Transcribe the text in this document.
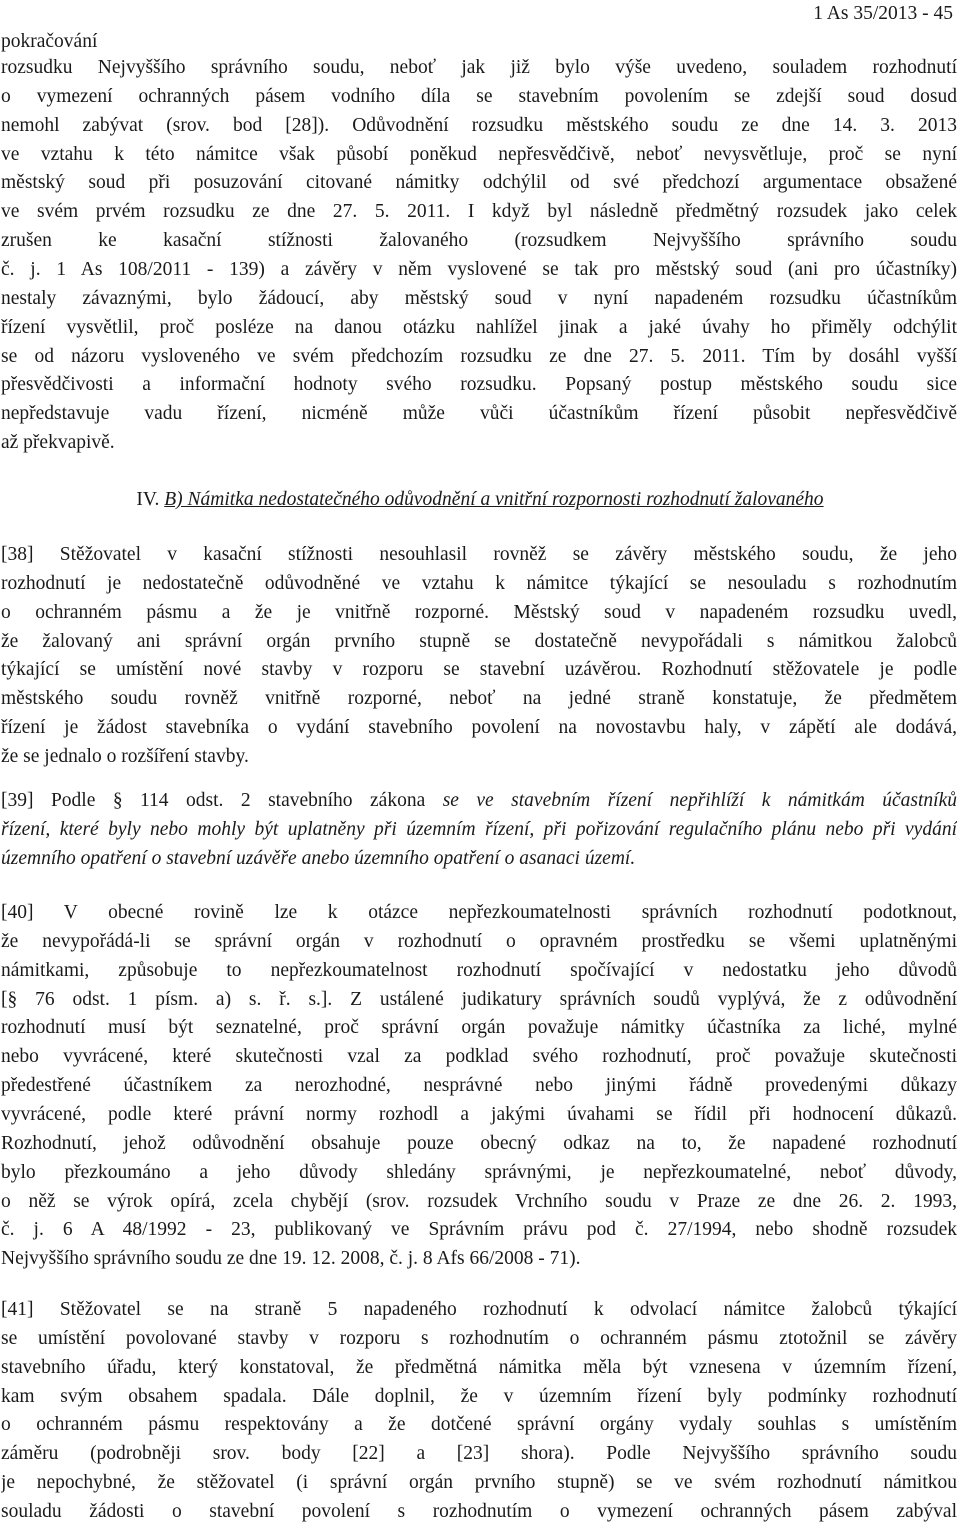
1 As 35/2013 - 45
pokračování
IV. B) Námitka nedostatečného odůvodnění a vnitřní rozpornosti rozhodnutí žalovaného
rozsudku Nejvyššího správního soudu, neboť jak již bylo výše uvedeno, souladem rozhodnutí
o vymezení ochranných pásem vodního díla se stavebním povolením se zdejší soud dosud
nemohl zabývat (srov. bod [28]). Odůvodnění rozsudku městského soudu ze dne 14. 3. 2013
ve vztahu k této námitce však působí poněkud nepřesvědčivě, neboť nevysvětluje, proč se nyní
městský soud při posuzování citované námitky odchýlil od své předchozí argumentace obsažené
ve svém prvém rozsudku ze dne 27. 5. 2011. I když byl následně předmětný rozsudek jako celek
zrušen ke kasační stížnosti žalovaného (rozsudkem Nejvyššího správního soudu
č. j. 1 As 108/2011 - 139) a závěry v něm vyslovené se tak pro městský soud (ani pro účastníky)
nestaly závaznými, bylo žádoucí, aby městský soud v nyní napadeném rozsudku účastníkům
řízení vysvětlil, proč posléze na danou otázku nahlížel jinak a jaké úvahy ho přiměly odchýlit
se od názoru vysloveného ve svém předchozím rozsudku ze dne 27. 5. 2011. Tím by dosáhl vyšší
přesvědčivosti a informační hodnoty svého rozsudku. Popsaný postup městského soudu sice
nepředstavuje vadu řízení, nicméně může vůči účastníkům řízení působit nepřesvědčivě
až překvapivě.
[38] Stěžovatel v kasační stížnosti nesouhlasil rovněž se závěry městského soudu, že jeho
rozhodnutí je nedostatečně odůvodněné ve vztahu k námitce týkající se nesouladu s rozhodnutím
o ochranném pásmu a že je vnitřně rozporné. Městský soud v napadeném rozsudku uvedl,
že žalovaný ani správní orgán prvního stupně se dostatečně nevypořádali s námitkou žalobců
týkající se umístění nové stavby v rozporu se stavební uzávěrou. Rozhodnutí stěžovatele je podle
městského soudu rovněž vnitřně rozporné, neboť na jedné straně konstatuje, že předmětem
řízení je žádost stavebníka o vydání stavebního povolení na novostavbu haly, v zápětí ale dodává,
že se jednalo o rozšíření stavby.
[39] Podle § 114 odst. 2 stavebního zákona se ve stavebním řízení nepřihlíží k námitkám účastníků
řízení, které byly nebo mohly být uplatněny při územním řízení, při pořizování regulačního plánu nebo při vydání
územního opatření o stavební uzávěře anebo územního opatření o asanaci území.
[40] V obecné rovině lze k otázce nepřezkoumatelnosti správních rozhodnutí podotknout,
že nevypořádá-li se správní orgán v rozhodnutí o opravném prostředku se všemi uplatněnými
námitkami, způsobuje to nepřezkoumatelnost rozhodnutí spočívající v nedostatku jeho důvodů
[§ 76 odst. 1 písm. a) s. ř. s.]. Z ustálené judikatury správních soudů vyplývá, že z odůvodnění
rozhodnutí musí být seznatelné, proč správní orgán považuje námitky účastníka za liché, mylné
nebo vyvrácené, které skutečnosti vzal za podklad svého rozhodnutí, proč považuje skutečnosti
předestřené účastníkem za nerozhodné, nesprávné nebo jinými řádně provedenými důkazy
vyvrácené, podle které právní normy rozhodl a jakými úvahami se řídil při hodnocení důkazů.
Rozhodnutí, jehož odůvodnění obsahuje pouze obecný odkaz na to, že napadené rozhodnutí
bylo přezkoumáno a jeho důvody shledány správnými, je nepřezkoumatelné, neboť důvody,
o něž se výrok opírá, zcela chybějí (srov. rozsudek Vrchního soudu v Praze ze dne 26. 2. 1993,
č. j. 6 A 48/1992 - 23, publikovaný ve Správním právu pod č. 27/1994, nebo shodně rozsudek
Nejvyššího správního soudu ze dne 19. 12. 2008, č. j. 8 Afs 66/2008 - 71).
[41] Stěžovatel se na straně 5 napadeného rozhodnutí k odvolací námitce žalobců týkající
se umístění povolované stavby v rozporu s rozhodnutím o ochranném pásmu ztotožnil se závěry
stavebního úřadu, který konstatoval, že předmětná námitka měla být vznesena v územním řízení,
kam svým obsahem spadala. Dále doplnil, že v územním řízení byly podmínky rozhodnutí
o ochranném pásmu respektovány a že dotčené správní orgány vydaly souhlas s umístěním
záměru (podrobněji srov. body [22] a [23] shora). Podle Nejvyššího správního soudu
je nepochybné, že stěžovatel (i správní orgán prvního stupně) se ve svém rozhodnutí námitkou
souladu žádosti o stavební povolení s rozhodnutím o vymezení ochranných pásem zabýval
